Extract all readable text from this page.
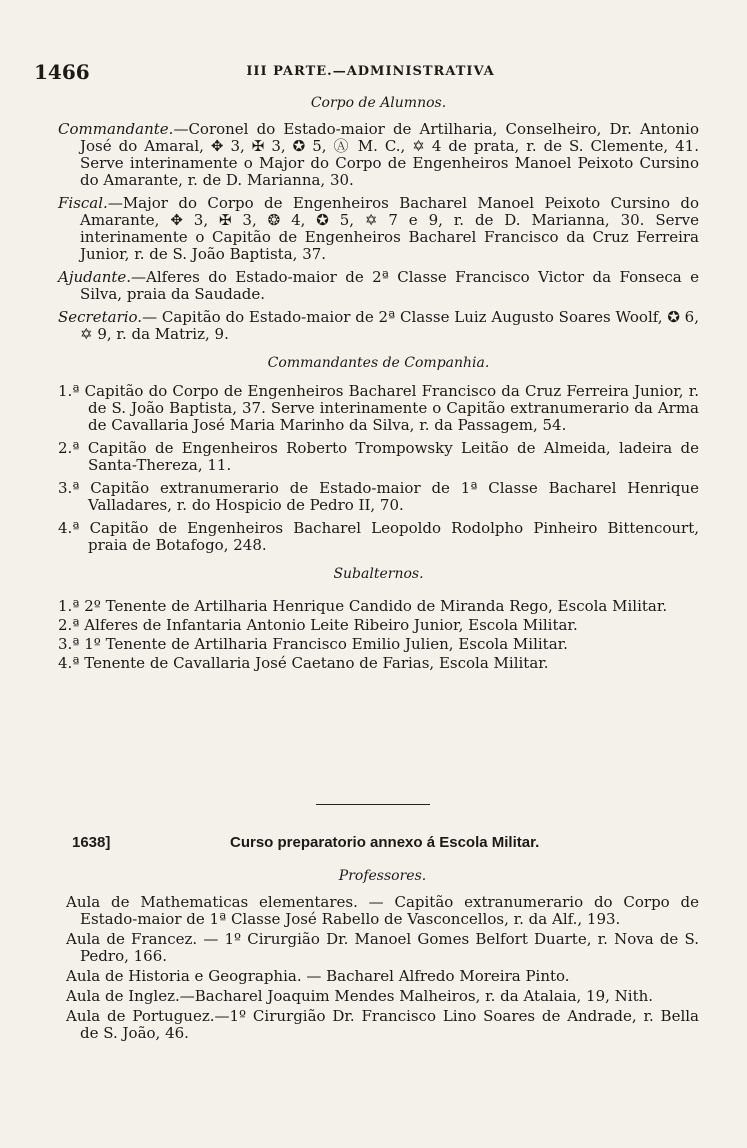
1466	III PARTE.—ADMINISTRATIVA
Corpo de Alumnos.

Commandante.—Coronel do Estado-maior de Artilharia, Conselheiro, Dr. Antonio José do Amaral, ✥ 3, ✠ 3, ✪ 5, Ⓐ M. C., ✡ 4 de prata, r. de S. Clemente, 41. Serve interinamente o Major do Corpo de Engenheiros Manoel Peixoto Cursino do Amarante, r. de D. Marianna, 30.

Fiscal.—Major do Corpo de Engenheiros Bacharel Manoel Peixoto Cursino do Amarante, ✥ 3, ✠ 3, ❂ 4, ✪ 5, ✡ 7 e 9, r. de D. Marianna, 30. Serve interinamente o Capitão de Engenheiros Bacharel Francisco da Cruz Ferreira Junior, r. de S. João Baptista, 37.

Ajudante.—Alferes do Estado-maior de 2ª Classe Francisco Victor da Fonseca e Silva, praia da Saudade.

Secretario.— Capitão do Estado-maior de 2ª Classe Luiz Augusto Soares Woolf, ✪ 6, ✡ 9, r. da Matriz, 9.

Commandantes de Companhia.

1.ª Capitão do Corpo de Engenheiros Bacharel Francisco da Cruz Ferreira Junior, r. de S. João Baptista, 37. Serve interinamente o Capitão extranumerario da Arma de Cavallaria José Maria Marinho da Silva, r. da Passagem, 54.

2.ª Capitão de Engenheiros Roberto Trompowsky Leitão de Almeida, ladeira de Santa-Thereza, 11.

3.ª Capitão extranumerario de Estado-maior de 1ª Classe Bacharel Henrique Valladares, r. do Hospicio de Pedro II, 70.

4.ª Capitão de Engenheiros Bacharel Leopoldo Rodolpho Pinheiro Bittencourt, praia de Botafogo, 248.

Subalternos.

1.ª 2º Tenente de Artilharia Henrique Candido de Miranda Rego, Escola Militar.

2.ª Alferes de Infantaria Antonio Leite Ribeiro Junior, Escola Militar.

3.ª 1º Tenente de Artilharia Francisco Emilio Julien, Escola Militar.

4.ª Tenente de Cavallaria José Caetano de Farias, Escola Militar.

1638]	Curso preparatorio annexo á Escola Militar.
Professores.

Aula de Mathematicas elementares. — Capitão extranumerario do Corpo de Estado-maior de 1ª Classe José Rabello de Vasconcellos, r. da Alf., 193.

Aula de Francez. — 1º Cirurgião Dr. Manoel Gomes Belfort Duarte, r. Nova de S. Pedro, 166.

Aula de Historia e Geographia. — Bacharel Alfredo Moreira Pinto.

Aula de Inglez.—Bacharel Joaquim Mendes Malheiros, r. da Atalaia, 19, Nith.

Aula de Portuguez.—1º Cirurgião Dr. Francisco Lino Soares de Andrade, r. Bella de S. João, 46.
